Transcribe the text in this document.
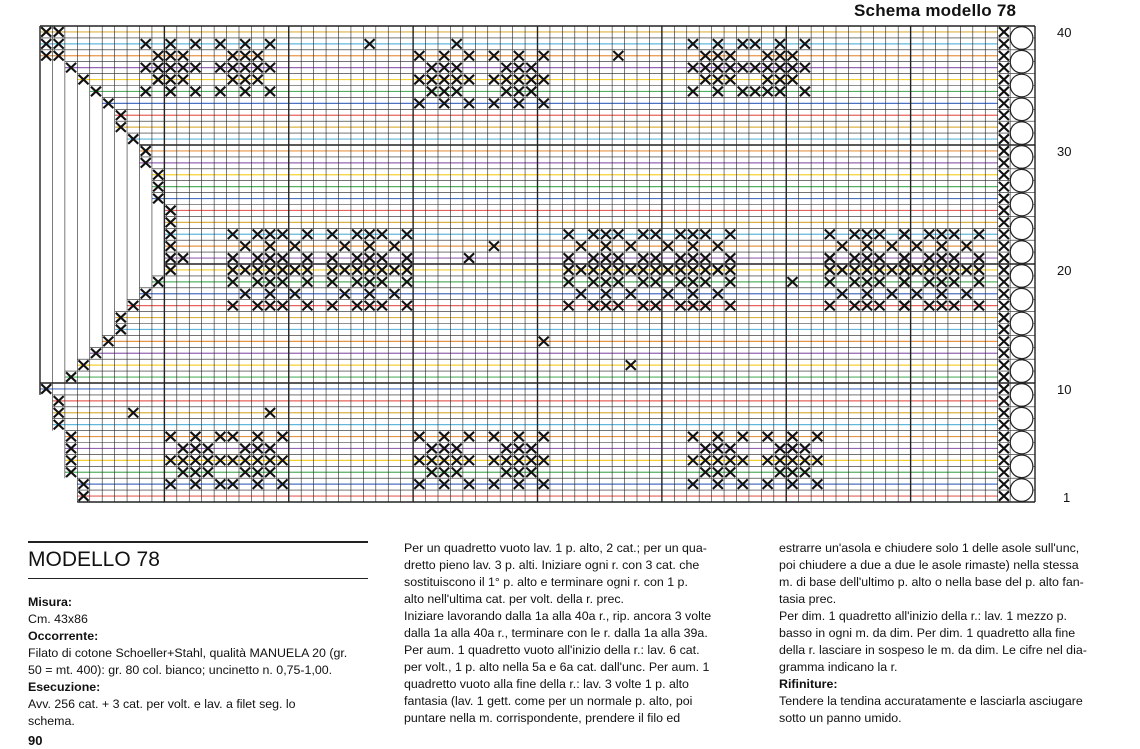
Schema modello 78
40
30
20
10
1
MODELLO 78

Misura:

Cm. 43x86

Occorrente:

Filato di cotone Schoeller+Stahl, qualità MANUELA 20 (gr.

50 = mt. 400): gr. 80 col. bianco; uncinetto n. 0,75-1,00.

Esecuzione:

Avv. 256 cat. + 3 cat. per volt. e lav. a filet seg. lo

schema.

90

Per un quadretto vuoto lav. 1 p. alto, 2 cat.; per un qua-

dretto pieno lav. 3 p. alti. Iniziare ogni r. con 3 cat. che

sostituiscono il 1° p. alto e terminare ogni r. con 1 p.

alto nell'ultima cat. per volt. della r. prec.

Iniziare lavorando dalla 1a alla 40a r., rip. ancora 3 volte

dalla 1a alla 40a r., terminare con le r. dalla 1a alla 39a.

Per aum. 1 quadretto vuoto all'inizio della r.: lav. 6 cat.

per volt., 1 p. alto nella 5a e 6a cat. dall'unc. Per aum. 1

quadretto vuoto alla fine della r.: lav. 3 volte 1 p. alto

fantasia (lav. 1 gett. come per un normale p. alto, poi

puntare nella m. corrispondente, prendere il filo ed

estrarre un'asola e chiudere solo 1 delle asole sull'unc,

poi chiudere a due a due le asole rimaste) nella stessa

m. di base dell'ultimo p. alto o nella base del p. alto fan-

tasia prec.

Per dim. 1 quadretto all'inizio della r.: lav. 1 mezzo p.

basso in ogni m. da dim. Per dim. 1 quadretto alla fine

della r. lasciare in sospeso le m. da dim. Le cifre nel dia-

gramma indicano la r.

Rifiniture:

Tendere la tendina accuratamente e lasciarla asciugare

sotto un panno umido.
